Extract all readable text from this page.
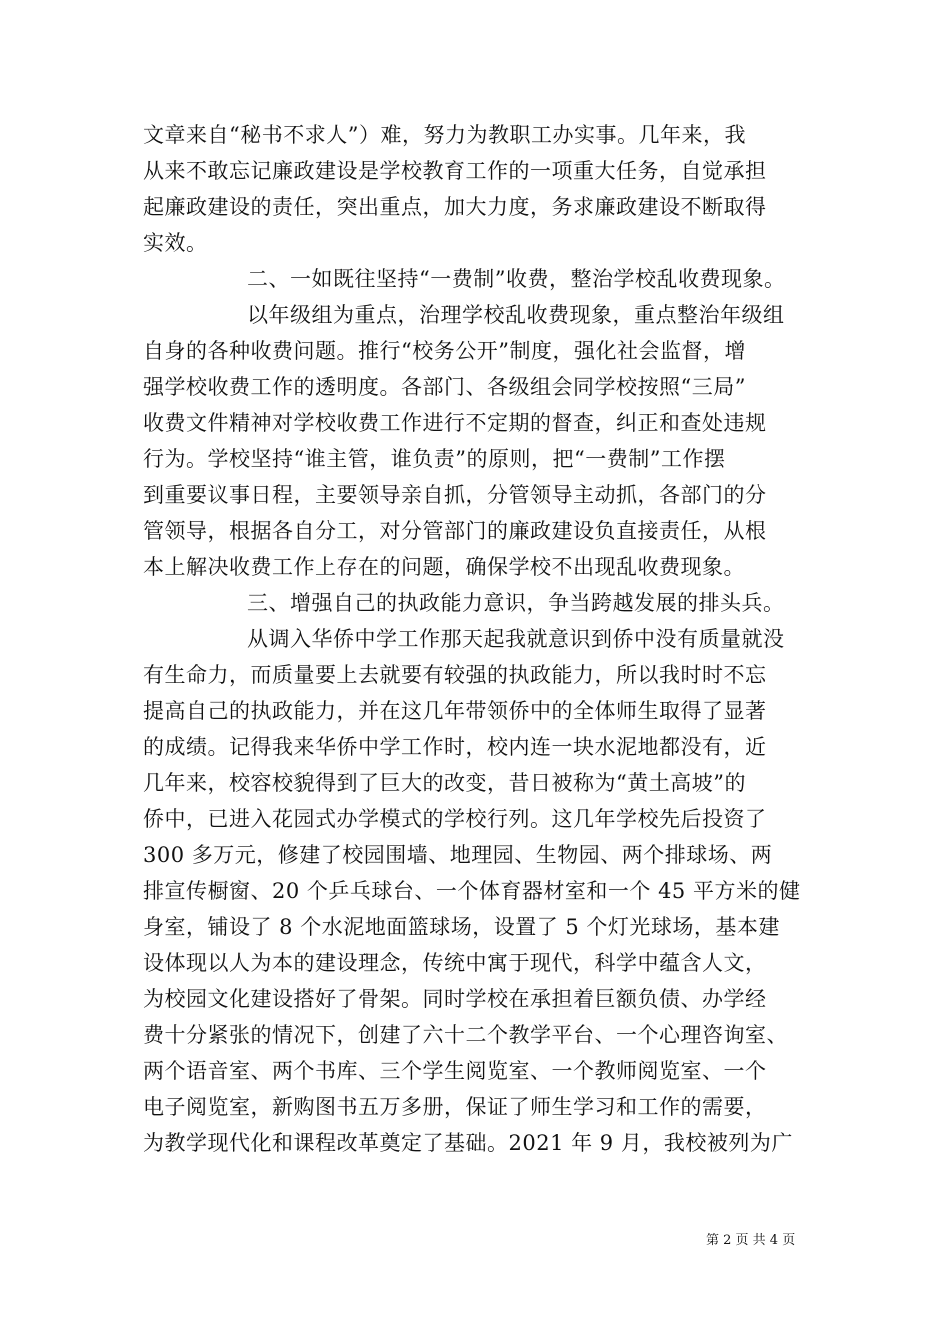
文章来自“秘书不求人”）难，努力为教职工办实事。几年来，我
从来不敢忘记廉政建设是学校教育工作的一项重大任务，自觉承担
起廉政建设的责任，突出重点，加大力度，务求廉政建设不断取得
实效。
二、一如既往坚持“一费制”收费，整治学校乱收费现象。
以年级组为重点，治理学校乱收费现象，重点整治年级组
自身的各种收费问题。推行“校务公开”制度，强化社会监督，增
强学校收费工作的透明度。各部门、各级组会同学校按照“三局”
收费文件精神对学校收费工作进行不定期的督查，纠正和查处违规
行为。学校坚持“谁主管，谁负责”的原则，把“一费制”工作摆
到重要议事日程，主要领导亲自抓，分管领导主动抓，各部门的分
管领导，根据各自分工，对分管部门的廉政建设负直接责任，从根
本上解决收费工作上存在的问题，确保学校不出现乱收费现象。
三、增强自己的执政能力意识，争当跨越发展的排头兵。
从调入华侨中学工作那天起我就意识到侨中没有质量就没
有生命力，而质量要上去就要有较强的执政能力，所以我时时不忘
提高自己的执政能力，并在这几年带领侨中的全体师生取得了显著
的成绩。记得我来华侨中学工作时，校内连一块水泥地都没有，近
几年来，校容校貌得到了巨大的改变，昔日被称为“黄土高坡”的
侨中，已进入花园式办学模式的学校行列。这几年学校先后投资了
300 多万元，修建了校园围墙、地理园、生物园、两个排球场、两
排宣传橱窗、20 个乒乓球台、一个体育器材室和一个 45 平方米的健
身室，铺设了 8 个水泥地面篮球场，设置了 5 个灯光球场，基本建
设体现以人为本的建设理念，传统中寓于现代，科学中蕴含人文，
为校园文化建设搭好了骨架。同时学校在承担着巨额负债、办学经
费十分紧张的情况下，创建了六十二个教学平台、一个心理咨询室、
两个语音室、两个书库、三个学生阅览室、一个教师阅览室、一个
电子阅览室，新购图书五万多册，保证了师生学习和工作的需要，
为教学现代化和课程改革奠定了基础。2021 年 9 月，我校被列为广
第 2 页 共 4 页
